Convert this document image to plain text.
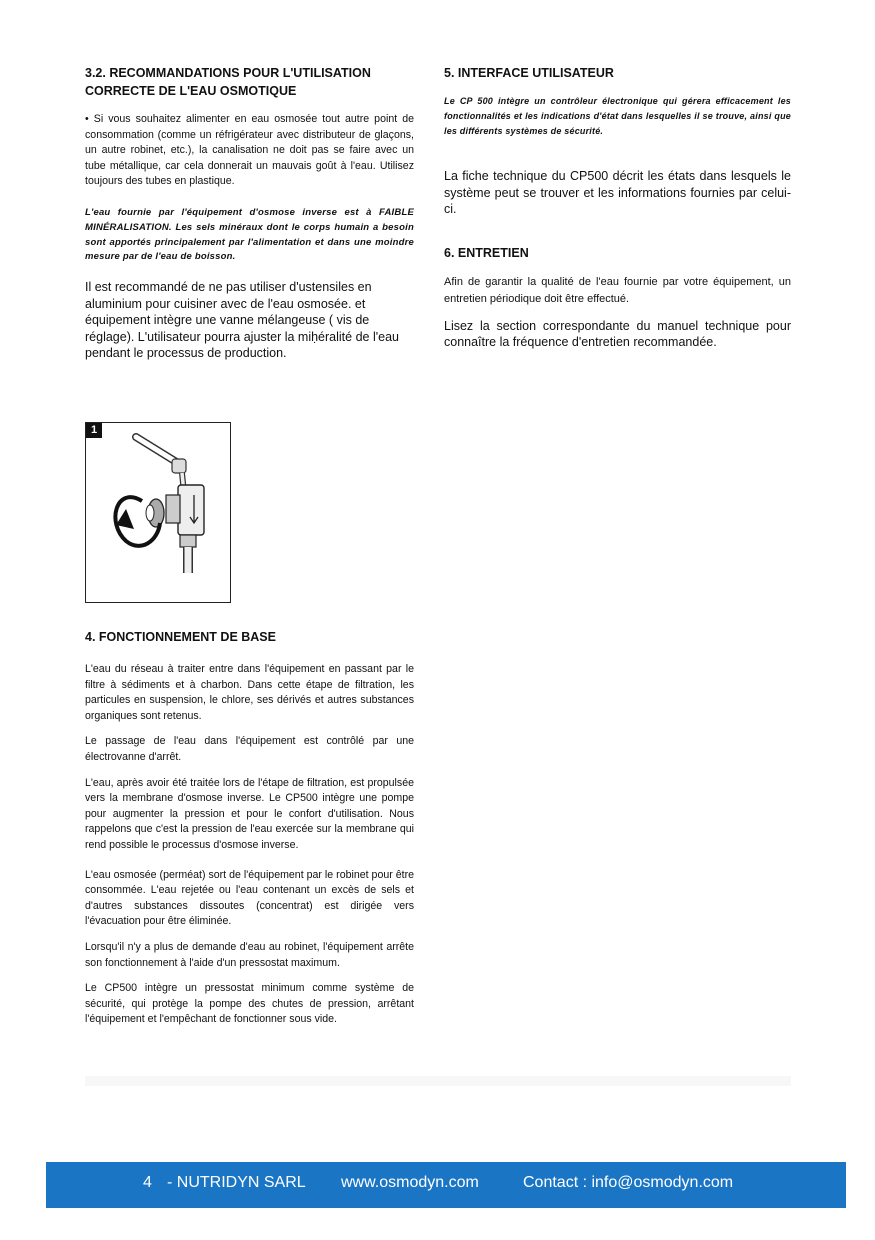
3.2. RECOMMANDATIONS POUR L'UTILISATION CORRECTE DE L'EAU OSMOTIQUE

• Si vous souhaitez alimenter en eau osmosée tout autre point de consommation (comme un réfrigérateur avec distributeur de glaçons, un autre robinet, etc.), la canalisation ne doit pas se faire avec un tube métallique, car cela donnerait un mauvais goût à l'eau. Utilisez toujours des tubes en plastique.

L'eau fournie par l'équipement d'osmose inverse est à FAIBLE MINÉRALISATION. Les sels minéraux dont le corps humain a besoin sont apportés principalement par l'alimentation et dans une moindre mesure par de l'eau de boisson.

Il est recommandé de ne pas utiliser d'ustensiles en aluminium pour cuisiner avec de l'eau osmosée. et équipement intègre une vanne mélangeuse ( vis de réglage). L'utilisateur pourra ajuster la miḥéralité de l'eau pendant le processus de production.

1
4. FONCTIONNEMENT DE BASE

L'eau du réseau à traiter entre dans l'équipement en passant par le filtre à sédiments et à charbon. Dans cette étape de filtration, les particules en suspension, le chlore, ses dérivés et autres substances organiques sont retenus.

Le passage de l'eau dans l'équipement est contrôlé par une électrovanne d'arrêt.

L'eau, après avoir été traitée lors de l'étape de filtration, est propulsée vers la membrane d'osmose inverse. Le CP500 intègre une pompe pour augmenter la pression et pour le confort d'utilisation. Nous rappelons que c'est la pression de l'eau exercée sur la membrane qui rend possible le processus d'osmose inverse.

L'eau osmosée (perméat) sort de l'équipement par le robinet pour être consommée. L'eau rejetée ou l'eau contenant un excès de sels et d'autres substances dissoutes (concentrat) est dirigée vers l'évacuation pour être éliminée.

Lorsqu'il n'y a plus de demande d'eau au robinet, l'équipement arrête son fonctionnement à l'aide d'un pressostat maximum.

Le CP500 intègre un pressostat minimum comme système de sécurité, qui protège la pompe des chutes de pression, arrêtant l'équipement et l'empêchant de fonctionner sous vide.

5. INTERFACE UTILISATEUR

Le CP 500 intègre un contrôleur électronique qui gérera efficacement les fonctionnalités et les indications d'état dans lesquelles il se trouve, ainsi que les différents systèmes de sécurité.

La fiche technique du CP500 décrit les états dans lesquels le système peut se trouver et les informations fournies par celui-ci.

6. ENTRETIEN

Afin de garantir la qualité de l'eau fournie par votre équipement, un entretien périodique doit être effectué.

Lisez la section correspondante du manuel technique pour connaître la fréquence d'entretien recommandée.

4 - NUTRIDYN SARL www.osmodyn.com	Contact : info@osmodyn.com
